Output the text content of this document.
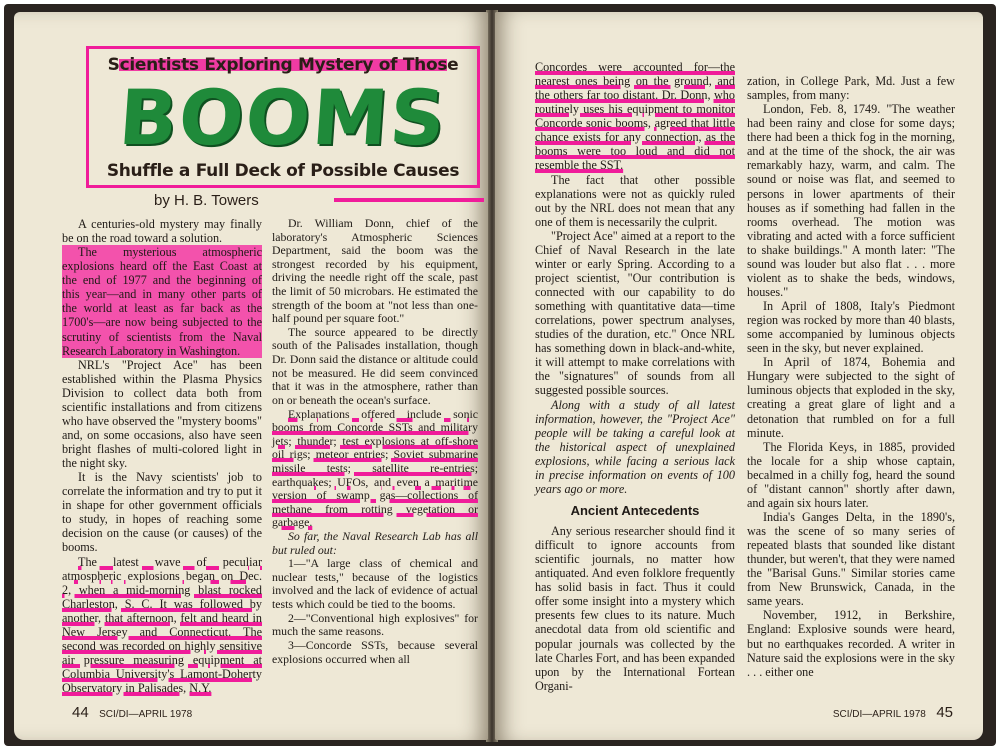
Scientists Exploring Mystery of Those
BOOMS
Shuffle a Full Deck of Possible Causes
by H. B. Towers

A centuries-old mystery may finally be on the road toward a solution.

The mysterious atmospheric explosions heard off the East Coast at the end of 1977 and the beginning of this year—and in many other parts of the world at least as far back as the 1700's—are now being subjected to the scrutiny of scientists from the Naval Research Laboratory in Washington.

NRL's "Project Ace" has been established within the Plasma Physics Division to collect data both from scientific installations and from citizens who have observed the "mystery booms" and, on some occasions, also have seen bright flashes of multi-colored light in the night sky.

It is the Navy scientists' job to correlate the information and try to put it in shape for other government officials to study, in hopes of reaching some decision on the cause (or causes) of the booms.

The latest wave of peculiar atmospheric explosions began on Dec. 2, when a mid-morning blast rocked Charleston, S. C. It was followed by another, that afternoon, felt and heard in New Jersey and Connecticut. The second was recorded on highly sensitive air pressure measuring equipment at Columbia University's Lamont-Doherty Observatory in Palisades, N.Y.

Dr. William Donn, chief of the laboratory's Atmospheric Sciences Department, said the boom was the strongest recorded by his equipment, driving the needle right off the scale, past the limit of 50 microbars. He estimated the strength of the boom at "not less than one-half pound per square foot."

The source appeared to be directly south of the Palisades installation, though Dr. Donn said the distance or altitude could not be measured. He did seem convinced that it was in the atmosphere, rather than on or beneath the ocean's surface.

Explanations offered include sonic booms from Concorde SSTs and military jets; thunder; test explosions at off-shore oil rigs; meteor entries; Soviet submarine missile tests; satellite re-entries; earthquakes; UFOs, and even a maritime version of swamp gas—collections of methane from rotting vegetation or garbage.

So far, the Naval Research Lab has all but ruled out:

1—"A large class of chemical and nuclear tests," because of the logistics involved and the lack of evidence of actual tests which could be tied to the booms.

2—"Conventional high explosives" for much the same reasons.

3—Concorde SSTs, because several explosions occurred when all

44 SCI/DI—APRIL 1978

Concordes were accounted for—the nearest ones being on the ground, and the others far too distant. Dr. Donn, who routinely uses his equipment to monitor Concorde sonic booms, agreed that little chance exists for any connection, as the booms were too loud and did not resemble the SST.

The fact that other possible explanations were not as quickly ruled out by the NRL does not mean that any one of them is necessarily the culprit.

"Project Ace" aimed at a report to the Chief of Naval Research in the late winter or early Spring. According to a project scientist, "Our contribution is connected with our capability to do something with quantitative data—time correlations, power spectrum analyses, studies of the duration, etc." Once NRL has something down in black-and-white, it will attempt to make correlations with the "signatures" of sounds from all suggested possible sources.

Along with a study of all latest information, however, the "Project Ace" people will be taking a careful look at the historical aspect of unexplained explosions, while facing a serious lack in precise information on events of 100 years ago or more.

Ancient Antecedents

Any serious researcher should find it difficult to ignore accounts from scientific journals, no matter how antiquated. And even folklore frequently has solid basis in fact. Thus it could offer some insight into a mystery which presents few clues to its nature. Much anecdotal data from old scientific and popular journals was collected by the late Charles Fort, and has been expanded upon by the International Fortean Organi-

zation, in College Park, Md. Just a few samples, from many:

London, Feb. 8, 1749. "The weather had been rainy and close for some days; there had been a thick fog in the morning, and at the time of the shock, the air was remarkably hazy, warm, and calm. The sound or noise was flat, and seemed to persons in lower apartments of their houses as if something had fallen in the rooms overhead. The motion was vibrating and acted with a force sufficient to shake buildings." A month later: "The sound was louder but also flat . . . more violent as to shake the beds, windows, houses."

In April of 1808, Italy's Piedmont region was rocked by more than 40 blasts, some accompanied by luminous objects seen in the sky, but never explained.

In April of 1874, Bohemia and Hungary were subjected to the sight of luminous objects that exploded in the sky, creating a great glare of light and a detonation that rumbled on for a full minute.

The Florida Keys, in 1885, provided the locale for a ship whose captain, becalmed in a chilly fog, heard the sound of "distant cannon" shortly after dawn, and again six hours later.

India's Ganges Delta, in the 1890's, was the scene of so many series of repeated blasts that sounded like distant thunder, but weren't, that they were named the "Barisal Guns." Similar stories came from New Brunswick, Canada, in the same years.

November, 1912, in Berkshire, England: Explosive sounds were heard, but no earthquakes recorded. A writer in Nature said the explosions were in the sky . . . either one

SCI/DI—APRIL 1978 45
